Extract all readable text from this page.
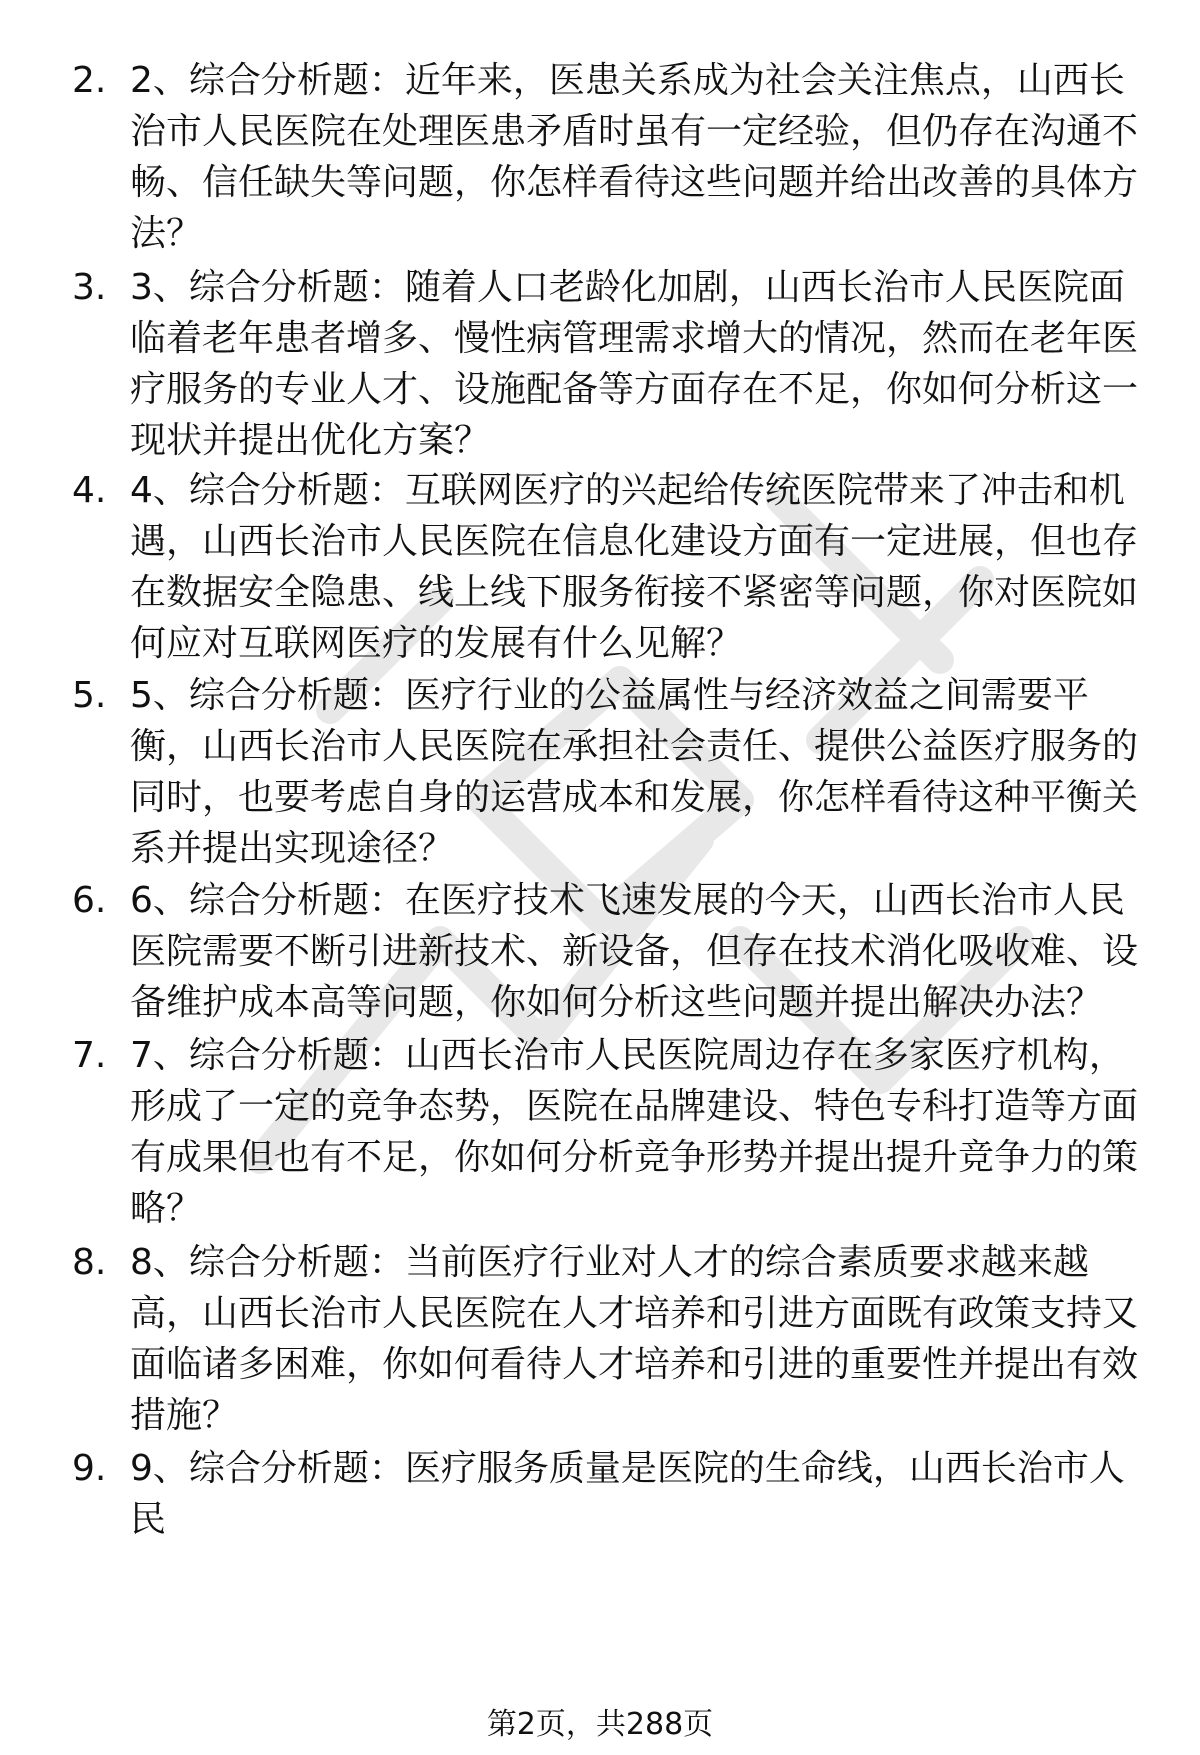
2. 2、综合分析题：近年来，医患关系成为社会关注焦点，山西长治市人民医院在处理医患矛盾时虽有一定经验，但仍存在沟通不畅、信任缺失等问题，你怎样看待这些问题并给出改善的具体方法？
3. 3、综合分析题：随着人口老龄化加剧，山西长治市人民医院面临着老年患者增多、慢性病管理需求增大的情况，然而在老年医疗服务的专业人才、设施配备等方面存在不足，你如何分析这一现状并提出优化方案？
4. 4、综合分析题：互联网医疗的兴起给传统医院带来了冲击和机遇，山西长治市人民医院在信息化建设方面有一定进展，但也存在数据安全隐患、线上线下服务衔接不紧密等问题，你对医院如何应对互联网医疗的发展有什么见解？
5. 5、综合分析题：医疗行业的公益属性与经济效益之间需要平衡，山西长治市人民医院在承担社会责任、提供公益医疗服务的同时，也要考虑自身的运营成本和发展，你怎样看待这种平衡关系并提出实现途径？
6. 6、综合分析题：在医疗技术飞速发展的今天，山西长治市人民医院需要不断引进新技术、新设备，但存在技术消化吸收难、设备维护成本高等问题，你如何分析这些问题并提出解决办法？
7. 7、综合分析题：山西长治市人民医院周边存在多家医疗机构，形成了一定的竞争态势，医院在品牌建设、特色专科打造等方面有成果但也有不足，你如何分析竞争形势并提出提升竞争力的策略？
8. 8、综合分析题：当前医疗行业对人才的综合素质要求越来越高，山西长治市人民医院在人才培养和引进方面既有政策支持又面临诸多困难，你如何看待人才培养和引进的重要性并提出有效措施？
9. 9、综合分析题：医疗服务质量是医院的生命线，山西长治市人民
第2页，共288页
